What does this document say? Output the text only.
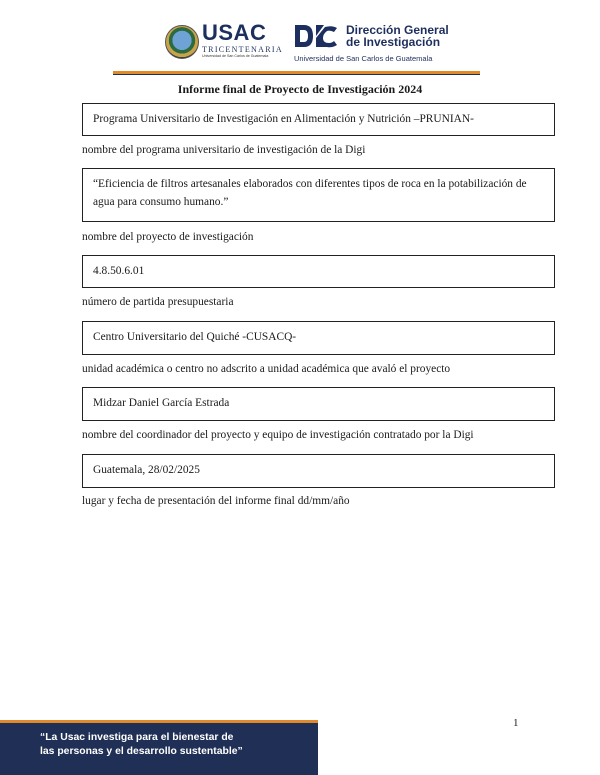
USAC
TRICENTENARIA
Universidad de San Carlos de Guatemala
Dirección General
de Investigación
Universidad de San Carlos de Guatemala
Informe final de Proyecto de Investigación 2024
Programa Universitario de Investigación en Alimentación y Nutrición –PRUNIAN-
nombre del programa universitario de investigación de la Digi
“Eficiencia de filtros artesanales elaborados con diferentes tipos de roca en la potabilización de agua para consumo humano.”
nombre del proyecto de investigación
4.8.50.6.01
número de partida presupuestaria
Centro Universitario del Quiché -CUSACQ-
unidad académica o centro no adscrito a unidad académica que avaló el proyecto
Midzar Daniel García Estrada
nombre del coordinador del proyecto y equipo de investigación contratado por la Digi
Guatemala, 28/02/2025
lugar y fecha de presentación del informe final dd/mm/año
1
“La Usac investiga para el bienestar de
las personas y el desarrollo sustentable”
